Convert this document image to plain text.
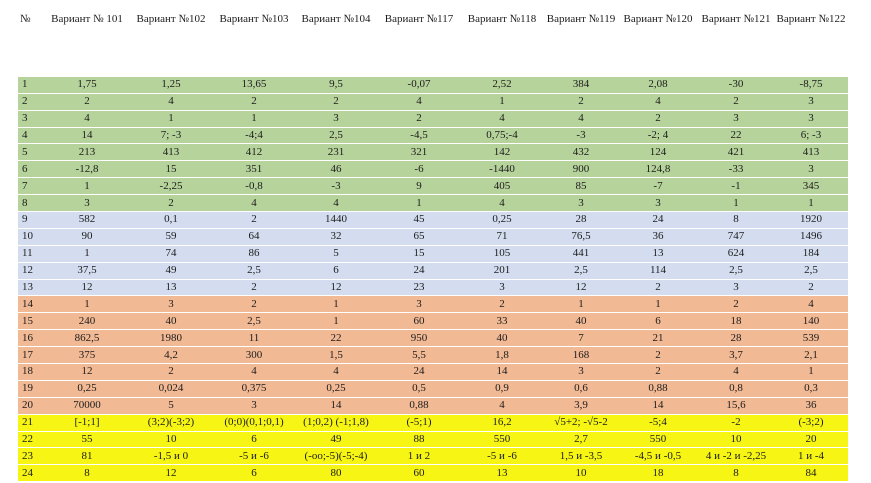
№	Вариант № 101	Вариант №102	Вариант №103	Вариант №104	Вариант №117	Вариант №118	Вариант №119	Вариант №120	Вариант №121	Вариант №122

1	1,75	1,25	13,65	9,5	-0,07	2,52	384	2,08	-30	-8,75
2	2	4	2	2	4	1	2	4	2	3
3	4	1	1	3	2	4	4	2	3	3
4	14	7; -3	-4;4	2,5	-4,5	0,75;-4	-3	-2; 4	22	6; -3
5	213	413	412	231	321	142	432	124	421	413
6	-12,8	15	351	46	-6	-1440	900	124,8	-33	3
7	1	-2,25	-0,8	-3	9	405	85	-7	-1	345
8	3	2	4	4	1	4	3	3	1	1
9	582	0,1	2	1440	45	0,25	28	24	8	1920
10	90	59	64	32	65	71	76,5	36	747	1496
11	1	74	86	5	15	105	441	13	624	184
12	37,5	49	2,5	6	24	201	2,5	114	2,5	2,5
13	12	13	2	12	23	3	12	2	3	2
14	1	3	2	1	3	2	1	1	2	4
15	240	40	2,5	1	60	33	40	6	18	140
16	862,5	1980	11	22	950	40	7	21	28	539
17	375	4,2	300	1,5	5,5	1,8	168	2	3,7	2,1
18	12	2	4	4	24	14	3	2	4	1
19	0,25	0,024	0,375	0,25	0,5	0,9	0,6	0,88	0,8	0,3
20	70000	5	3	14	0,88	4	3,9	14	15,6	36
21	[-1;1]	(3;2)(-3;2)	(0;0)(0,1;0,1)	(1;0,2) (-1;1,8)	(-5;1)	16,2	√5+2; -√5-2	-5;4	-2	(-3;2)
22	55	10	6	49	88	550	2,7	550	10	20
23	81	-1,5 и 0	-5 и -6	(-oo;-5)(-5;-4)	1 и 2	-5 и -6	1,5 и -3,5	-4,5 и -0,5	4 и -2 и -2,25	1 и -4
24	8	12	6	80	60	13	10	18	8	84
